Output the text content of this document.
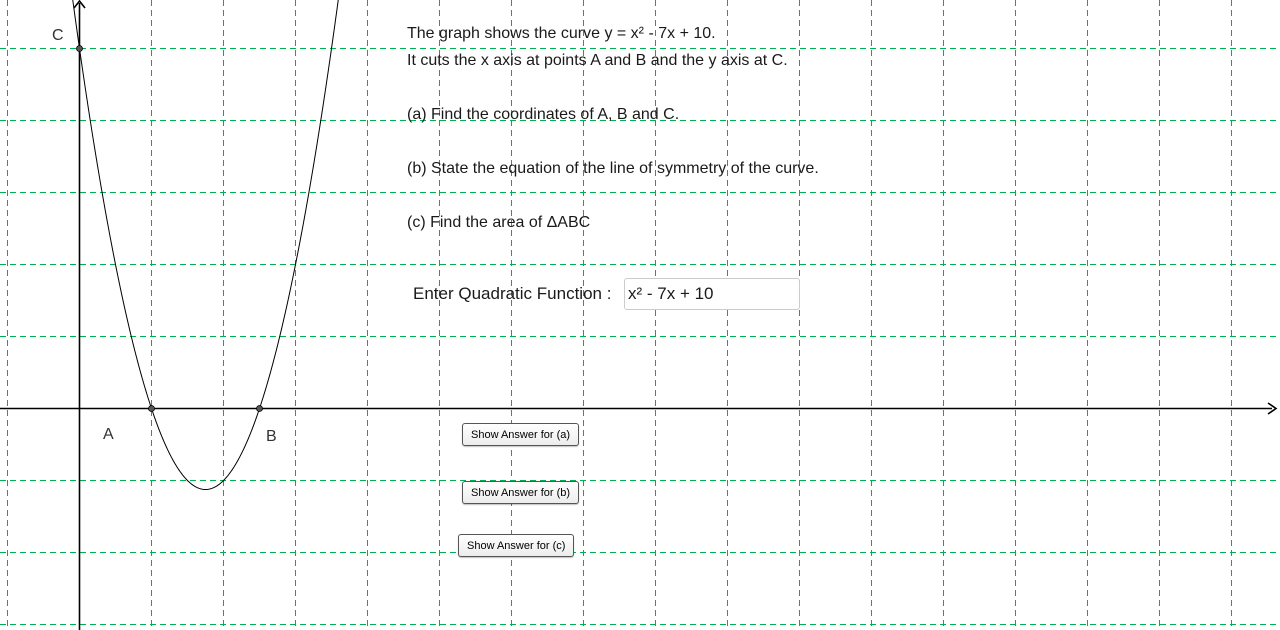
The graph shows the curve y = x² - 7x + 10.
It cuts the x axis at points A and B and the y axis at C.
(a) Find the coordinates of A, B and C.
(b) State the equation of the line of symmetry of the curve.
(c) Find the area of ΔABC
Enter Quadratic Function :
x² - 7x + 10
Show Answer for (a)
Show Answer for (b)
Show Answer for (c)
A	B
C
